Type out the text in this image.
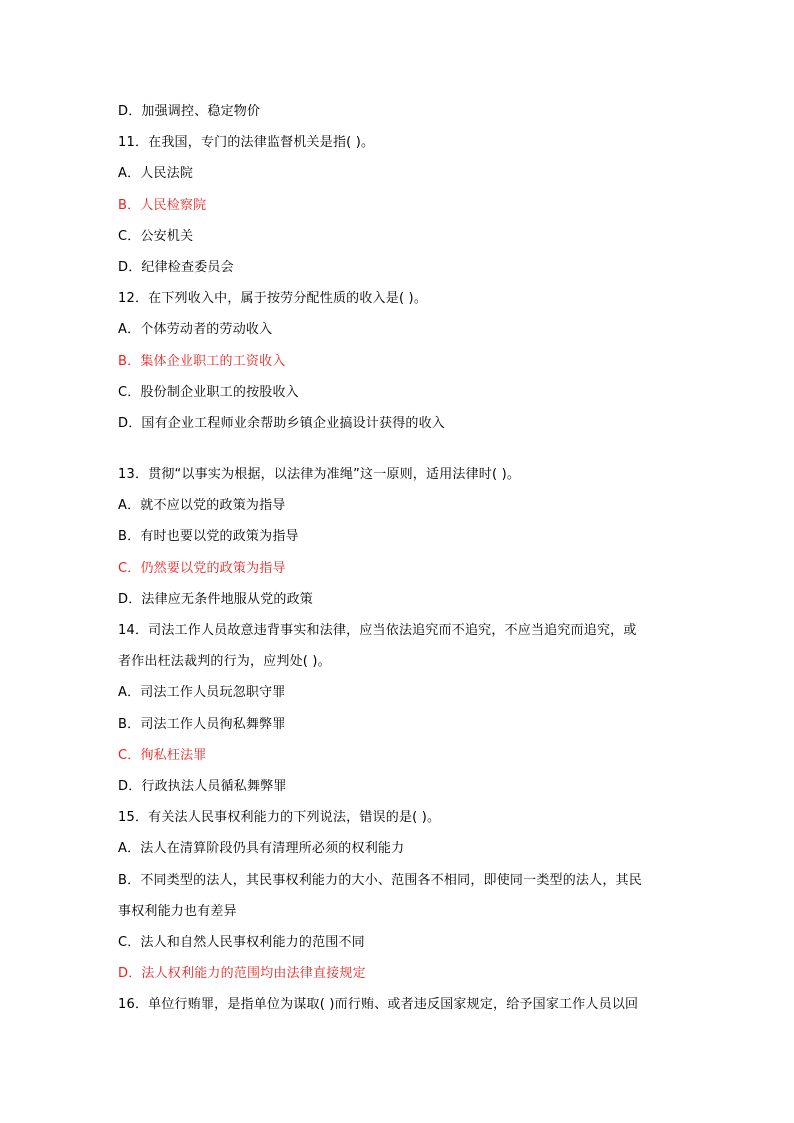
D．加强调控、稳定物价
11．在我国，专门的法律监督机关是指( )。
A．人民法院
B．人民检察院
C．公安机关
D．纪律检查委员会
12．在下列收入中，属于按劳分配性质的收入是( )。
A．个体劳动者的劳动收入
B．集体企业职工的工资收入
C．股份制企业职工的按股收入
D．国有企业工程师业余帮助乡镇企业搞设计获得的收入
13．贯彻“以事实为根据，以法律为准绳”这一原则，适用法律时( )。
A．就不应以党的政策为指导
B．有时也要以党的政策为指导
C．仍然要以党的政策为指导
D．法律应无条件地服从党的政策
14．司法工作人员故意违背事实和法律，应当依法追究而不追究，不应当追究而追究，或
者作出枉法裁判的行为，应判处( )。
A．司法工作人员玩忽职守罪
B．司法工作人员徇私舞弊罪
C．徇私枉法罪
D．行政执法人员循私舞弊罪
15．有关法人民事权利能力的下列说法，错误的是( )。
A．法人在清算阶段仍具有清理所必须的权利能力
B．不同类型的法人，其民事权利能力的大小、范围各不相同，即使同一类型的法人，其民
事权利能力也有差异
C．法人和自然人民事权利能力的范围不同
D．法人权利能力的范围均由法律直接规定
16．单位行贿罪，是指单位为谋取( )而行贿、或者违反国家规定，给予国家工作人员以回
